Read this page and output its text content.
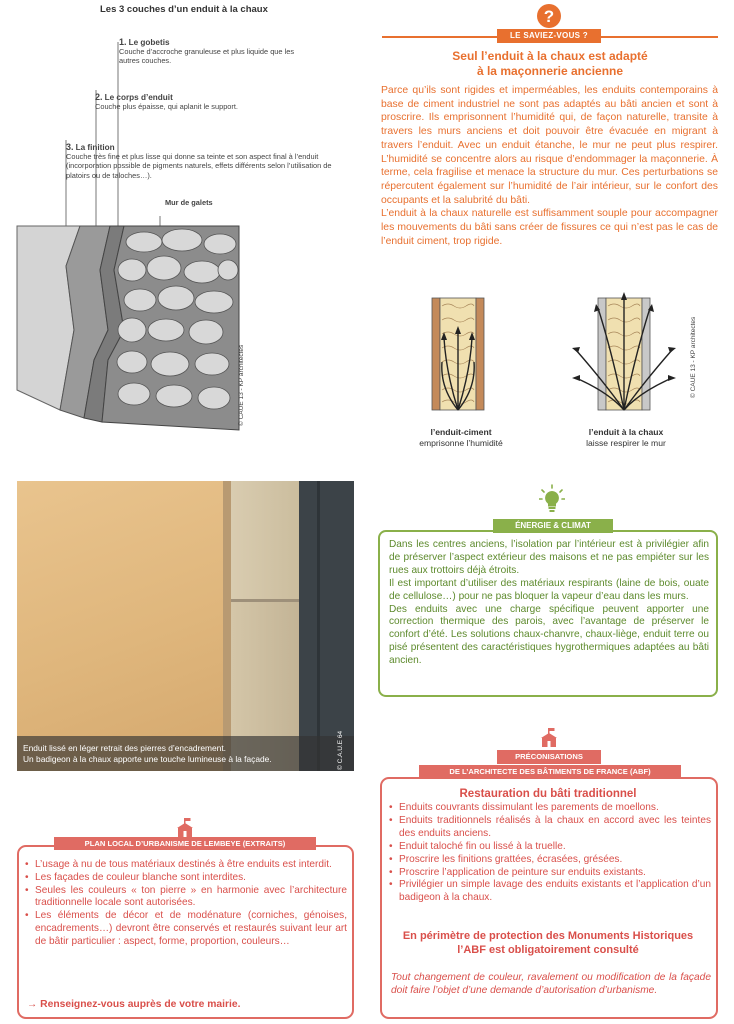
Les 3 couches d’un enduit à la chaux
1. Le gobetis
Couche d’accroche granuleuse et plus liquide que les autres couches.
2. Le corps d’enduit
Couche plus épaisse, qui aplanit le support.
3. La finition
Couche très fine et plus lisse qui donne sa teinte et son aspect final à l’enduit (incorporation possible de pigments naturels, effets différents selon l’utilisation de platoirs ou de taloches…).
Mur de galets
© CAUE 13 - KP architectes
?
LE SAVIEZ-VOUS ?
Seul l’enduit à la chaux est adapté
à la maçonnerie ancienne
Parce qu’ils sont rigides et imperméables, les enduits contemporains à base de ciment industriel ne sont pas adaptés au bâti ancien et sont à proscrire. Ils emprisonnent l’humidité qui, de façon naturelle, transite à travers les murs anciens et doit pouvoir être évacuée en migrant à travers l’enduit. Avec un enduit étanche, le mur ne peut plus respirer. L’humidité se concentre alors au risque d’endommager la maçonnerie. À terme, cela fragilise et menace la structure du mur. Ces perturbations se répercutent également sur l’humidité de l’air intérieur, sur le confort des occupants et la salubrité du bâti.
L’enduit à la chaux naturelle est suffisamment souple pour accompagner les mouvements du bâti sans créer de fissures ce qui n’est pas le cas de l’enduit ciment, trop rigide.
© CAUE 13 - KP architectes
l’enduit-ciment
emprisonne l’humidité
l’enduit à la chaux
laisse respirer le mur
Enduit lissé en léger retrait des pierres d’encadrement.
Un badigeon à la chaux apporte une touche lumineuse à la façade.	© C.A.U.E 64
ÉNERGIE & CLIMAT
Dans les centres anciens, l’isolation par l’intérieur est à privilégier afin de préserver l’aspect extérieur des maisons et ne pas empiéter sur les rues aux trottoirs déjà étroits.
Il est important d’utiliser des matériaux respirants (laine de bois, ouate de cellulose…) pour ne pas bloquer la vapeur d’eau dans les murs.
Des enduits avec une charge spécifique peuvent apporter une correction thermique des parois, avec l’avantage de préserver le confort d’été. Les solutions chaux-chanvre, chaux-liège, enduit terre ou pisé présentent des caractéristiques hygrothermiques adaptées au bâti ancien.
PLAN LOCAL D’URBANISME DE LEMBEYE (EXTRAITS)
• L’usage à nu de tous matériaux destinés à être enduits est interdit.
• Les façades de couleur blanche sont interdites.
• Seules les couleurs « ton pierre » en harmonie avec l’architecture traditionnelle locale sont autorisées.
• Les éléments de décor et de modénature (corniches, génoises, encadrements…) devront être conservés et restaurés suivant leur art de bâtir particulier : aspect, forme, proportion, couleurs…
→ Renseignez-vous auprès de votre mairie.
PRÉCONISATIONS
DE L’ARCHITECTE DES BÂTIMENTS DE FRANCE (ABF)
Restauration du bâti traditionnel
• Enduits couvrants dissimulant les parements de moellons.
• Enduits traditionnels réalisés à la chaux en accord avec les teintes des enduits anciens.
• Enduit taloché fin ou lissé à la truelle.
• Proscrire les finitions grattées, écrasées, grésées.
• Proscrire l’application de peinture sur enduits existants.
• Privilégier un simple lavage des enduits existants et l’application d’un badigeon à la chaux.
En périmètre de protection des Monuments Historiques
l’ABF est obligatoirement consulté
Tout changement de couleur, ravalement ou modification de la façade doit faire l’objet d’une demande d’autorisation d’urbanisme.
